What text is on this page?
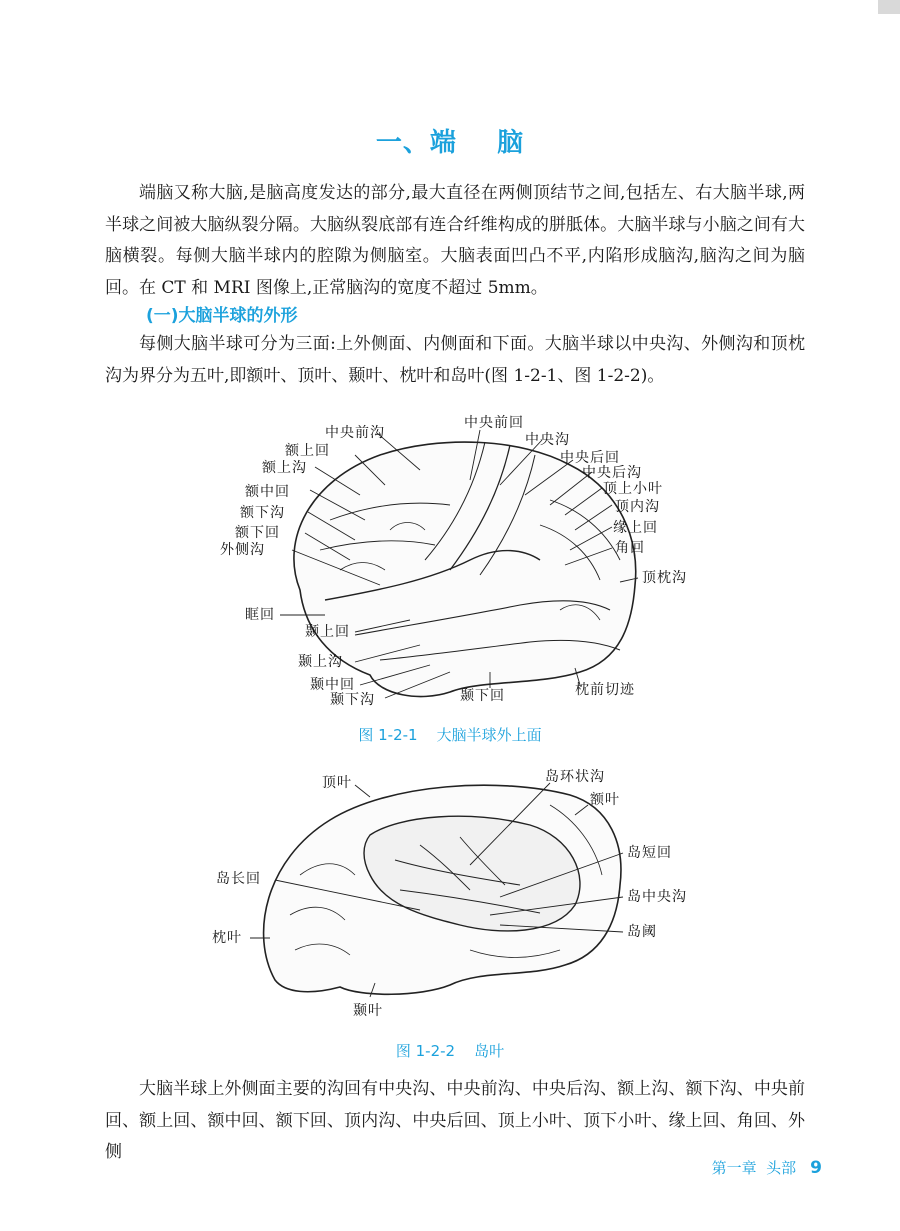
一、端    脑

端脑又称大脑,是脑高度发达的部分,最大直径在两侧顶结节之间,包括左、右大脑半球,两半球之间被大脑纵裂分隔。大脑纵裂底部有连合纤维构成的胼胝体。大脑半球与小脑之间有大脑横裂。每侧大脑半球内的腔隙为侧脑室。大脑表面凹凸不平,内陷形成脑沟,脑沟之间为脑回。在 CT 和 MRI 图像上,正常脑沟的宽度不超过 5mm。

(一)大脑半球的外形

每侧大脑半球可分为三面:上外侧面、内侧面和下面。大脑半球以中央沟、外侧沟和顶枕沟为界分为五叶,即额叶、顶叶、颞叶、枕叶和岛叶(图 1-2-1、图 1-2-2)。

中央前回
中央前沟	中央沟
额上回	中央后回
额上沟	中央后沟
额中回	顶上小叶
额下沟	顶内沟
额下回	缘上回
外侧沟	角回
顶枕沟
眶回
颞上回
颞上沟
颞中回
颞下沟	颞下回	枕前切迹
图 1-2-1    大脑半球外上面
顶叶	岛环状沟
额叶
岛短回
岛长回
岛中央沟
枕叶	岛阈
颞叶
图 1-2-2    岛叶

大脑半球上外侧面主要的沟回有中央沟、中央前沟、中央后沟、额上沟、额下沟、中央前回、额上回、额中回、额下回、顶内沟、中央后回、顶上小叶、顶下小叶、缘上回、角回、外侧

第一章  头部 9
